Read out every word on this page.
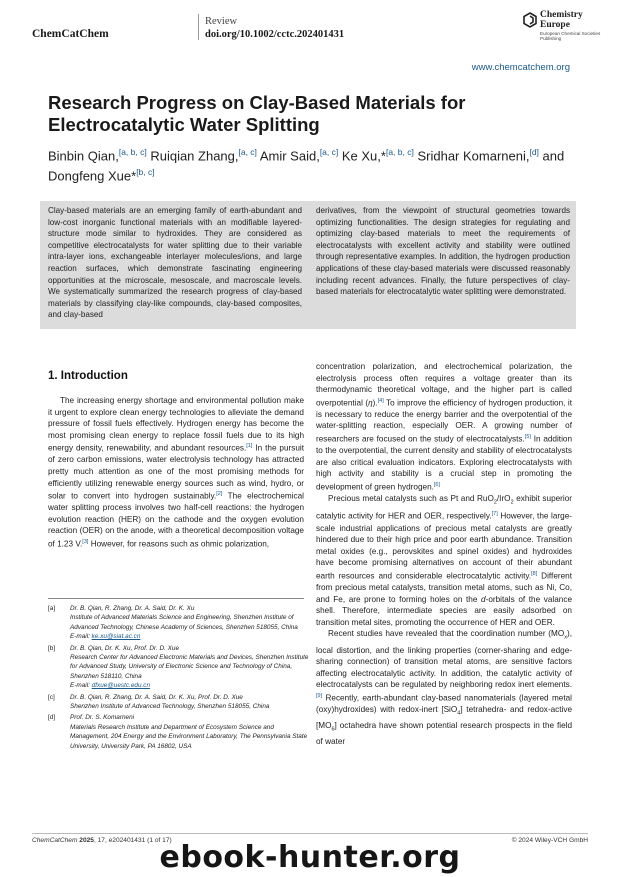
ChemCatChem
Review
doi.org/10.1002/cctc.202401431
Chemistry Europe
European Chemical Societies Publishing
www.chemcatchem.org
Research Progress on Clay-Based Materials for Electrocatalytic Water Splitting
Binbin Qian,[a, b, c] Ruiqian Zhang,[a, c] Amir Said,[a, c] Ke Xu,*[a, b, c] Sridhar Komarneni,[d] and Dongfeng Xue*[b, c]
Clay-based materials are an emerging family of earth-abundant and low-cost inorganic functional materials with an modifiable layered-structure mode similar to hydroxides. They are considered as competitive electrocatalysts for water splitting due to their variable intra-layer ions, exchangeable interlayer molecules/ions, and large reaction surfaces, which demonstrate fascinating engineering opportunities at the microscale, mesoscale, and macroscale levels. We systematically summarized the research progress of clay-based materials by classifying clay-like compounds, clay-based composites, and clay-based
derivatives, from the viewpoint of structural geometries towards optimizing functionalities. The design strategies for regulating and optimizing clay-based materials to meet the requirements of electrocatalysts with excellent activity and stability were outlined through representative examples. In addition, the hydrogen production applications of these clay-based materials were discussed reasonably including recent advances. Finally, the future perspectives of clay-based materials for electrocatalytic water splitting were demonstrated.
1. Introduction

The increasing energy shortage and environmental pollution make it urgent to explore clean energy technologies to alleviate the demand pressure of fossil fuels effectively. Hydrogen energy has become the most promising clean energy to replace fossil fuels due to its high energy density, renewability, and abundant resources.[1] In the pursuit of zero carbon emissions, water electrolysis technology has attracted pretty much attention as one of the most promising methods for efficiently utilizing renewable energy sources such as wind, hydro, or solar to convert into hydrogen sustainably.[2] The electrochemical water splitting process involves two half-cell reactions: the hydrogen evolution reaction (HER) on the cathode and the oxygen evolution reaction (OER) on the anode, with a theoretical decomposition voltage of 1.23 V.[3] However, for reasons such as ohmic polarization,

concentration polarization, and electrochemical polarization, the electrolysis process often requires a voltage greater than its thermodynamic theoretical voltage, and the higher part is called overpotential (η).[4] To improve the efficiency of hydrogen production, it is necessary to reduce the energy barrier and the overpotential of the water-splitting reaction, especially OER. A growing number of researchers are focused on the study of electrocatalysts.[5] In addition to the overpotential, the current density and stability of electrocatalysts are also critical evaluation indicators. Exploring electrocatalysts with high activity and stability is a crucial step in promoting the development of green hydrogen.[6]

Precious metal catalysts such as Pt and RuO$_2$/IrO$_2$ exhibit superior catalytic activity for HER and OER, respectively.[7] However, the large-scale industrial applications of precious metal catalysts are greatly hindered due to their high price and poor earth abundance. Transition metal oxides (e.g., perovskites and spinel oxides) and hydroxides have become promising alternatives on account of their abundant earth resources and considerable electrocatalytic activity.[8] Different from precious metal catalysts, transition metal atoms, such as Ni, Co, and Fe, are prone to forming holes on the d-orbitals of the valance shell. Therefore, intermediate species are easily adsorbed on transition metal sites, promoting the occurrence of HER and OER.

Recent studies have revealed that the coordination number $(MO_x)$, local distortion, and the linking properties (corner-sharing and edge-sharing connection) of transition metal atoms, are sensitive factors affecting electrocatalytic activity. In addition, the catalytic activity of electrocatalysts can be regulated by neighboring redox inert elements.[9] Recently, earth-abundant clay-based nanomaterials (layered metal (oxy)hydroxides) with redox-inert [SiO$_4$] tetrahedra- and redox-active $[MO_6]$ octahedra have shown potential research prospects in the field of water

[a] Dr. B. Qian, R. Zhang, Dr. A. Said, Dr. K. Xu
Institute of Advanced Materials Science and Engineering, Shenzhen Institute of Advanced Technology, Chinese Academy of Sciences, Shenzhen 518055, China
E-mail: ke.xu@siat.ac.cn
[b] Dr. B. Qian, Dr. K. Xu, Prof. Dr. D. Xue
Research Center for Advanced Electronic Materials and Devices, Shenzhen Institute for Advanced Study, University of Electronic Science and Technology of China, Shenzhen 518110, China
E-mail: dfxue@uestc.edu.cn
[c] Dr. B. Qian, R. Zhang, Dr. A. Said, Dr. K. Xu, Prof. Dr. D. Xue
Shenzhen Institute of Advanced Technology, Shenzhen 518055, China
[d] Prof. Dr. S. Komarneni
Materials Research Institute and Department of Ecosystem Science and Management, 204 Energy and the Environment Laboratory, The Pennsylvania State University, University Park, PA 16802, USA
ChemCatChem 2025, 17, e202401431 (1 of 17)	© 2024 Wiley-VCH GmbH
ebook-hunter.org
